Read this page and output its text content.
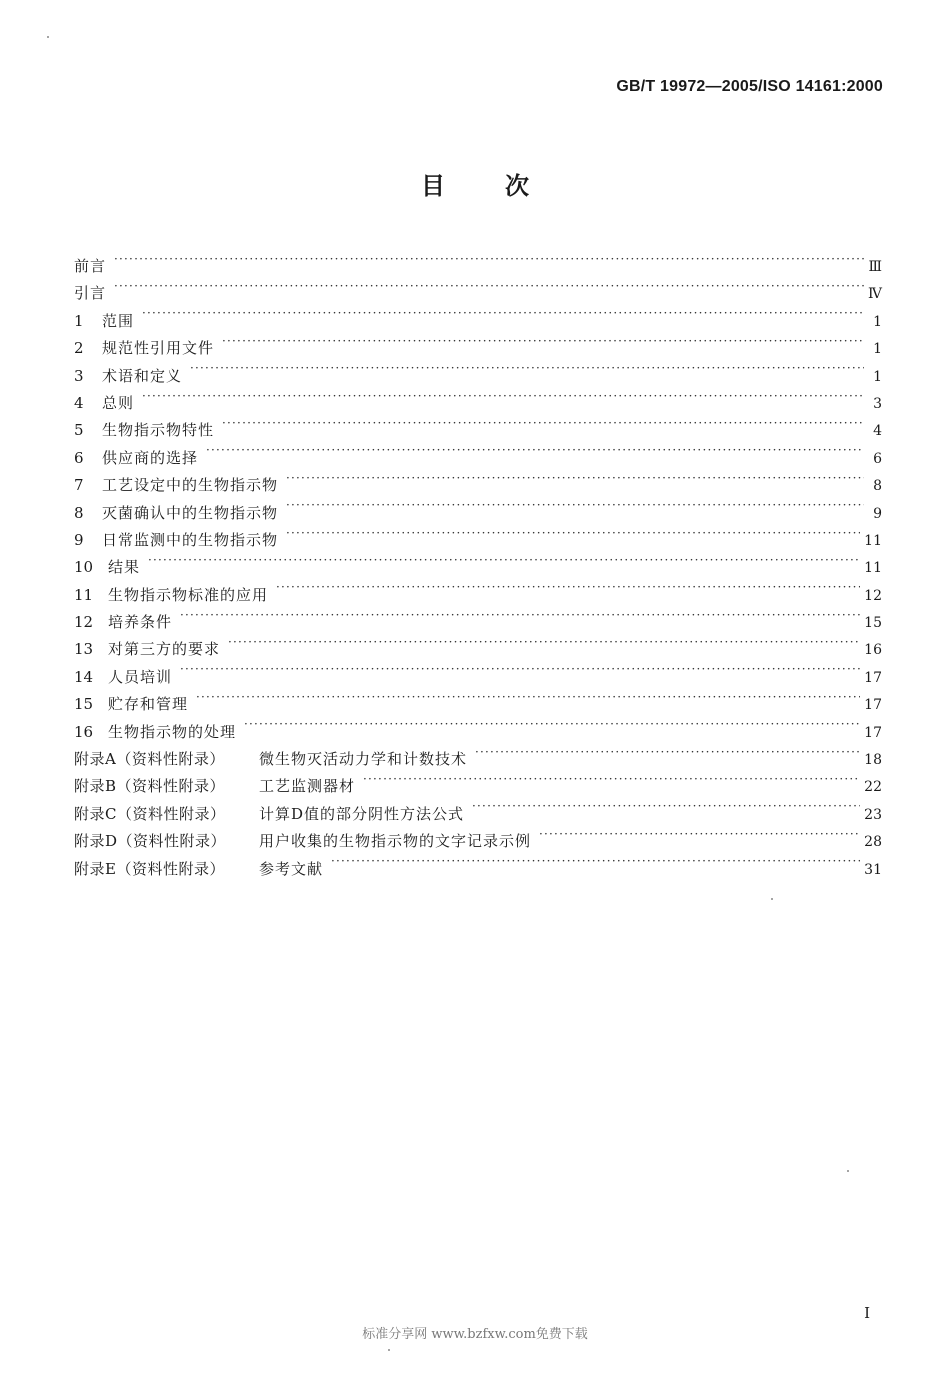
GB/T 19972—2005/ISO 14161:2000
目次
前言 ·····	Ⅲ
引言 ·····	Ⅳ
1	范围 ·····	1
2	规范性引用文件 ·····	1
3	术语和定义 ·····	1
4	总则 ·····	3
5	生物指示物特性 ·····	4
6	供应商的选择 ·····	6
7	工艺设定中的生物指示物 ·····	8
8	灭菌确认中的生物指示物 ·····	9
9	日常监测中的生物指示物 ·····	11
10 结果 ·····	11
11 生物指示物标准的应用 ·····	12
12 培养条件 ·····	15
13 对第三方的要求 ·····	16
14 人员培训 ·····	17
15 贮存和管理 ·····	17
16 生物指示物的处理 ·····	17
附录A（资料性附录）	微生物灭活动力学和计数技术 ·····	18
附录B（资料性附录）	工艺监测器材 ·····	22
附录C（资料性附录）	计算D值的部分阴性方法公式 ·····	23
附录D（资料性附录）	用户收集的生物指示物的文字记录示例 ·····	28
附录E（资料性附录）	参考文献 ·····	31
I
标准分享网 www.bzfxw.com免费下载
